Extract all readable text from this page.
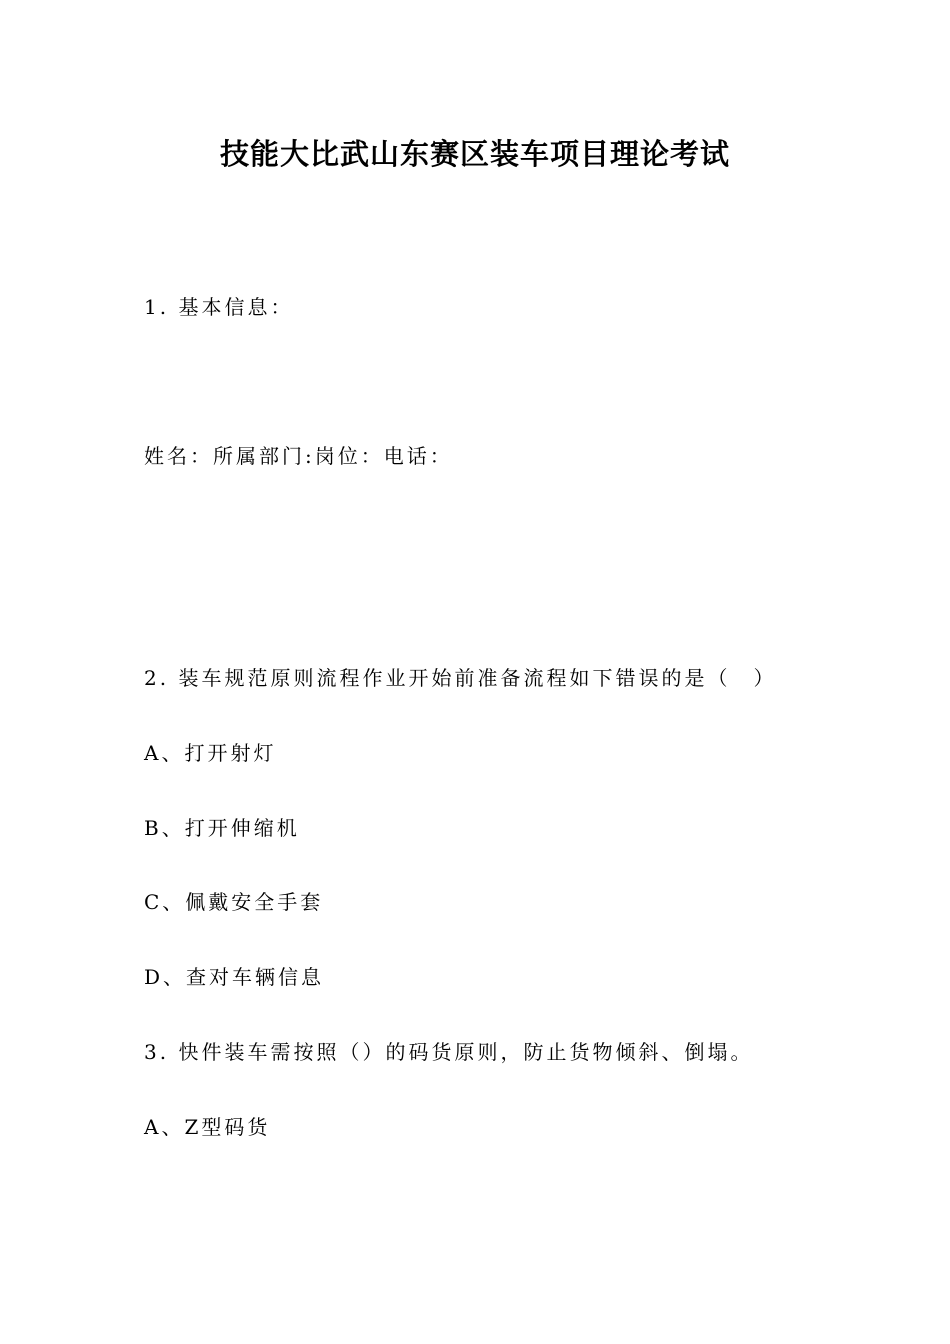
技能大比武山东赛区装车项目理论考试
1. 基本信息：
姓名：所属部门:岗位：电话：
2. 装车规范原则流程作业开始前准备流程如下错误的是（　）
A、打开射灯
B、打开伸缩机
C、佩戴安全手套
D、查对车辆信息
3. 快件装车需按照（）的码货原则，防止货物倾斜、倒塌。
A、Z型码货
